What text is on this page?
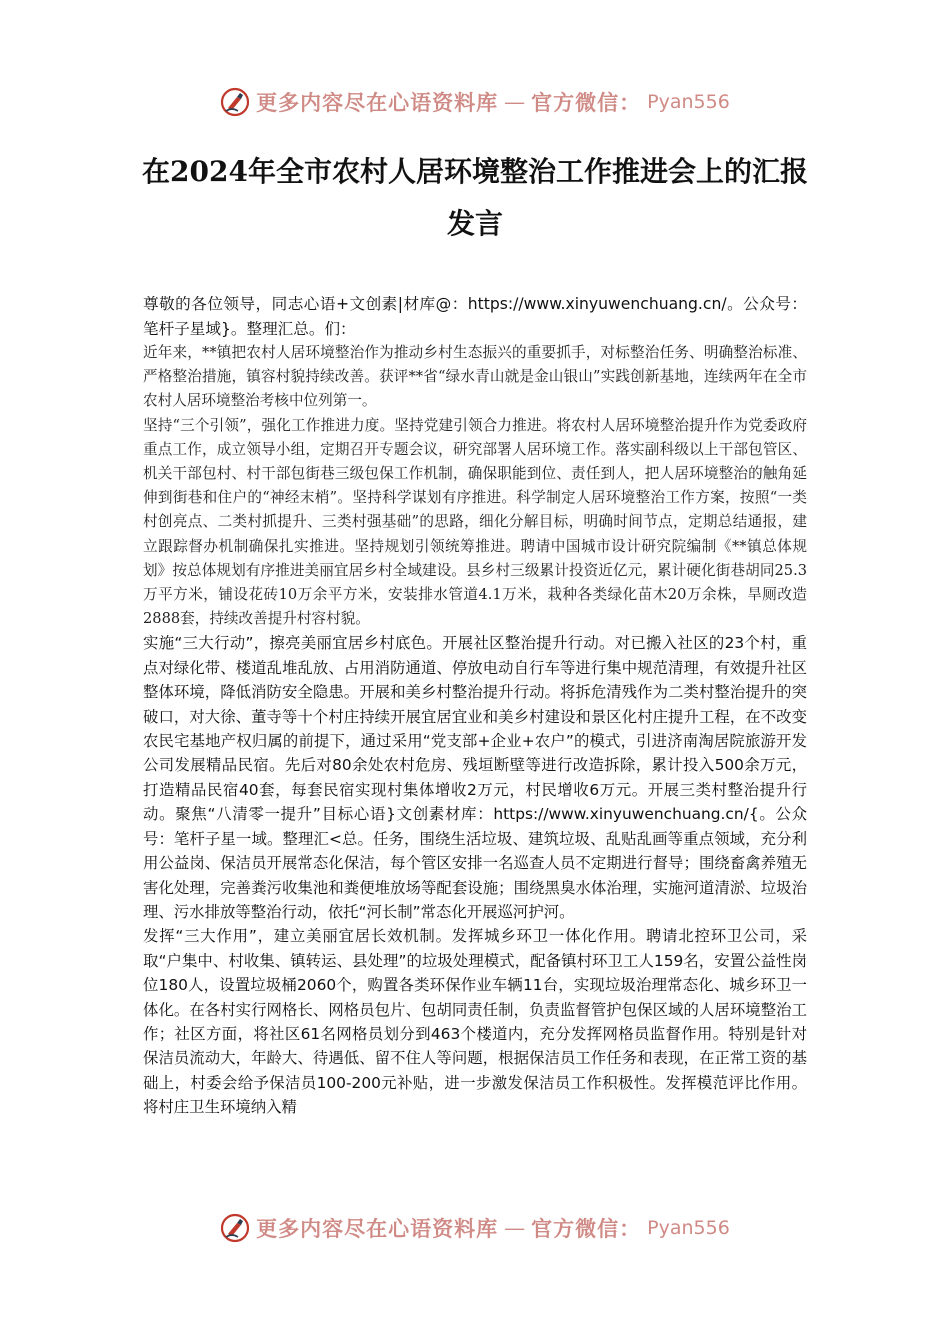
更多内容尽在心语资料库 — 官方微信： Pyan556
在2024年全市农村人居环境整治工作推进会上的汇报发言

尊敬的各位领导，同志心语+文创素|材库@：https://www.xinyuwenchuang.cn/。公众号：笔杆子星域}。整理汇总。们：

近年来，**镇把农村人居环境整治作为推动乡村生态振兴的重要抓手，对标整治任务、明确整治标准、严格整治措施，镇容村貌持续改善。获评**省“绿水青山就是金山银山”实践创新基地，连续两年在全市农村人居环境整治考核中位列第一。

坚持“三个引领”，强化工作推进力度。坚持党建引领合力推进。将农村人居环境整治提升作为党委政府重点工作，成立领导小组，定期召开专题会议，研究部署人居环境工作。落实副科级以上干部包管区、机关干部包村、村干部包街巷三级包保工作机制，确保职能到位、责任到人，把人居环境整治的触角延伸到街巷和住户的“神经末梢”。坚持科学谋划有序推进。科学制定人居环境整治工作方案，按照“一类村创亮点、二类村抓提升、三类村强基础”的思路，细化分解目标，明确时间节点，定期总结通报，建立跟踪督办机制确保扎实推进。坚持规划引领统筹推进。聘请中国城市设计研究院编制《**镇总体规划》按总体规划有序推进美丽宜居乡村全域建设。县乡村三级累计投资近亿元，累计硬化街巷胡同25.3万平方米，铺设花砖10万余平方米，安装排水管道4.1万米，栽种各类绿化苗木20万余株，旱厕改造2888套，持续改善提升村容村貌。

实施“三大行动”，擦亮美丽宜居乡村底色。开展社区整治提升行动。对已搬入社区的23个村，重点对绿化带、楼道乱堆乱放、占用消防通道、停放电动自行车等进行集中规范清理，有效提升社区整体环境，降低消防安全隐患。开展和美乡村整治提升行动。将拆危清残作为二类村整治提升的突破口，对大徐、董寺等十个村庄持续开展宜居宜业和美乡村建设和景区化村庄提升工程，在不改变农民宅基地产权归属的前提下，通过采用“党支部+企业+农户”的模式，引进济南淘居院旅游开发公司发展精品民宿。先后对80余处农村危房、残垣断壁等进行改造拆除，累计投入500余万元，打造精品民宿40套，每套民宿实现村集体增收2万元，村民增收6万元。开展三类村整治提升行动。聚焦“八清零一提升”目标心语}文创素材库：https://www.xinyuwenchuang.cn/{。公众号：笔杆子星一域。整理汇<总。任务，围绕生活垃圾、建筑垃圾、乱贴乱画等重点领域，充分利用公益岗、保洁员开展常态化保洁，每个管区安排一名巡查人员不定期进行督导；围绕畜禽养殖无害化处理，完善粪污收集池和粪便堆放场等配套设施；围绕黑臭水体治理，实施河道清淤、垃圾治理、污水排放等整治行动，依托“河长制”常态化开展巡河护河。

发挥“三大作用”，建立美丽宜居长效机制。发挥城乡环卫一体化作用。聘请北控环卫公司，采取“户集中、村收集、镇转运、县处理”的垃圾处理模式，配备镇村环卫工人159名，安置公益性岗位180人，设置垃圾桶2060个，购置各类环保作业车辆11台，实现垃圾治理常态化、城乡环卫一体化。在各村实行网格长、网格员包片、包胡同责任制，负责监督管护包保区域的人居环境整治工作；社区方面，将社区61名网格员划分到463个楼道内，充分发挥网格员监督作用。特别是针对保洁员流动大，年龄大、待遇低、留不住人等问题，根据保洁员工作任务和表现，在正常工资的基础上，村委会给予保洁员100-200元补贴，进一步激发保洁员工作积极性。发挥模范评比作用。将村庄卫生环境纳入精

更多内容尽在心语资料库 — 官方微信： Pyan556
